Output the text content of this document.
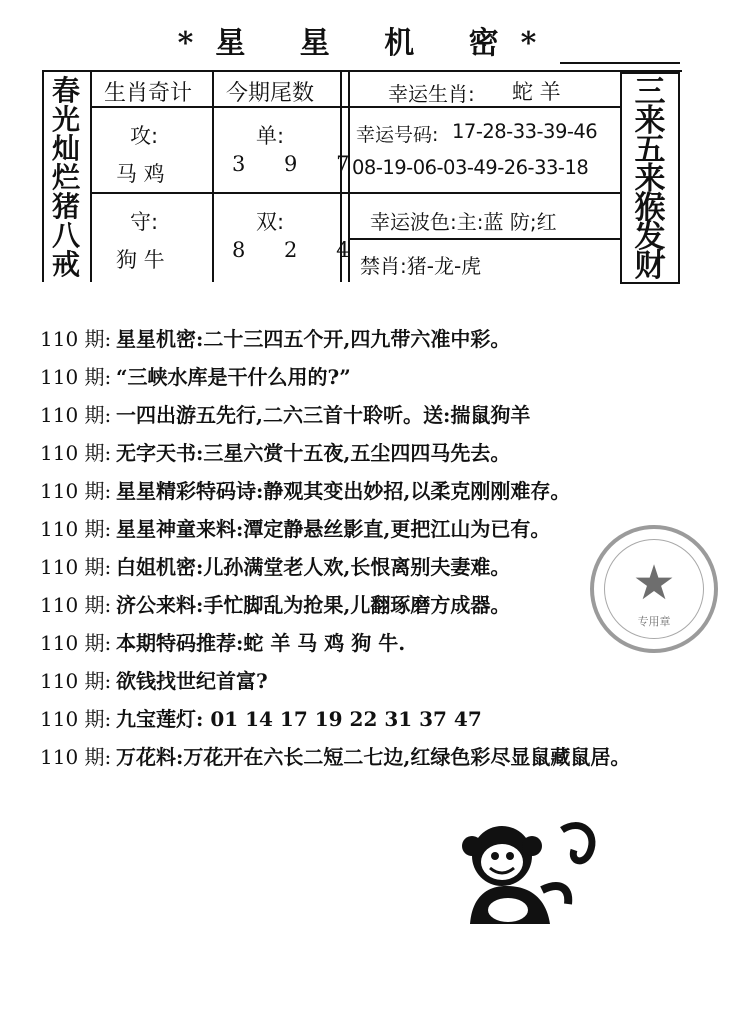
*星 星 机 密*
春
光
灿
烂
猪
八
戒
三
来
五
来
猴
发
财
生肖奇计 今期尾数
攻:
马 鸡
守:
狗 牛
单:
3 9 7
双:
8 2 4
幸运生肖: 蛇 羊
幸运号码: 17-28-33-39-46
08-19-06-03-49-26-33-18
幸运波色:主:蓝 防;红
禁肖:猪-龙-虎
110 期: 星星机密:二十三四五个开,四九带六准中彩。
110 期: “三峡水库是干什么用的?”
110 期: 一四出游五先行,二六三首十聆听。送:揣鼠狗羊
110 期: 无字天书:三星六赏十五夜,五尘四四马先去。
110 期: 星星精彩特码诗:静观其变出妙招,以柔克刚刚难存。
110 期: 星星神童来料:潭定静悬丝影直,更把江山为已有。
110 期: 白姐机密:儿孙满堂老人欢,长恨离别夫妻难。
110 期: 济公来料:手忙脚乱为抢果,儿翻琢磨方成器。
110 期: 本期特码推荐:蛇 羊 马 鸡 狗 牛.
110 期: 欲钱找世纪首富?
110 期: 九宝莲灯: 01 14 17 19 22 31 37 47
110 期: 万花料:万花开在六长二短二七边,红绿色彩尽显鼠藏鼠居。
★
专用章
